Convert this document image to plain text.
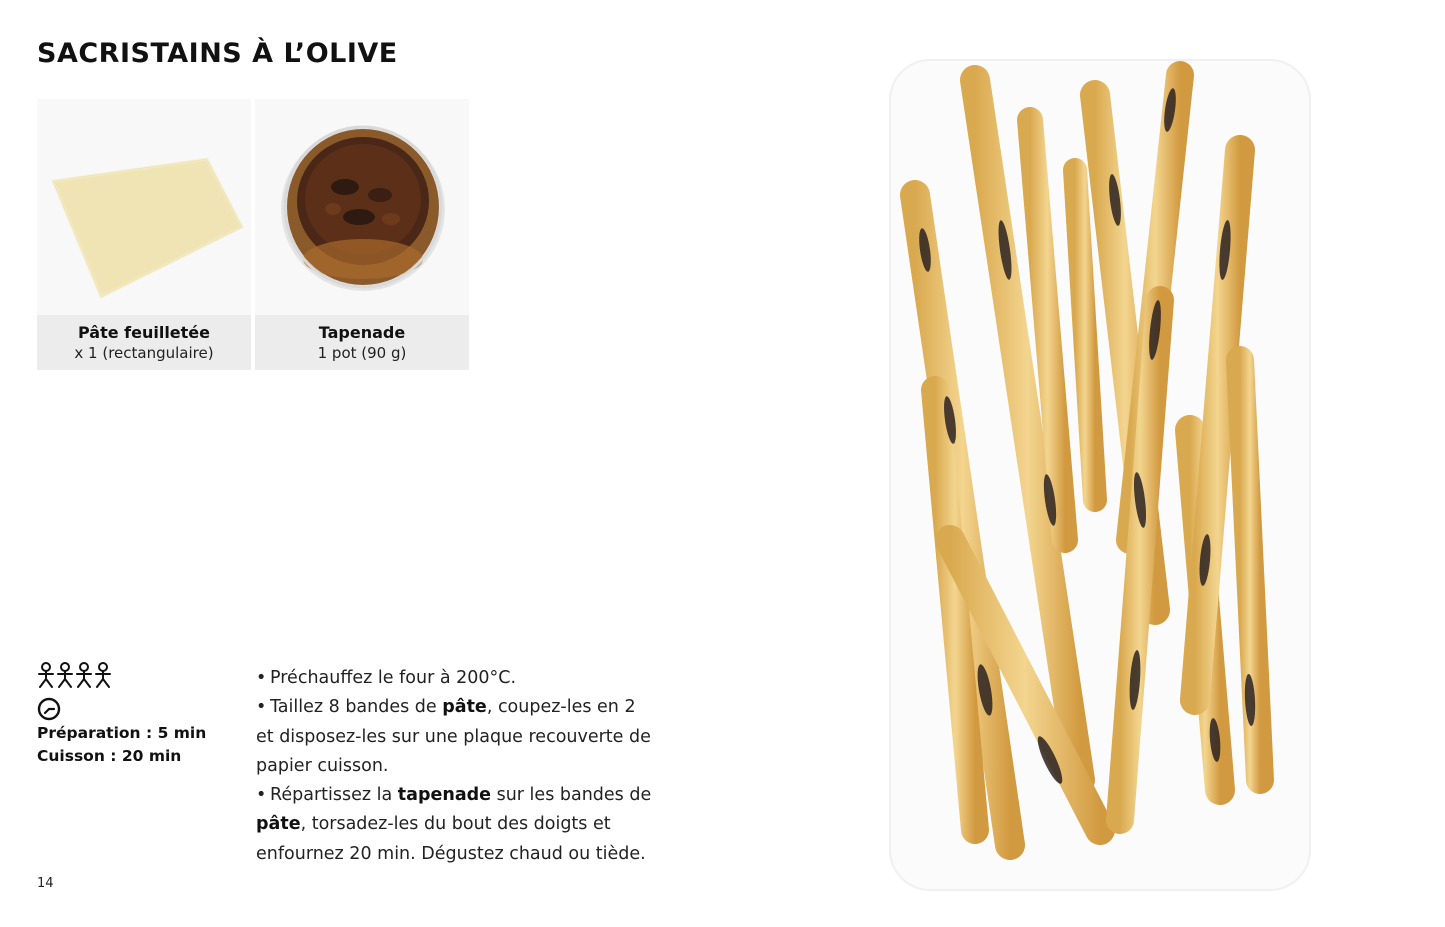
SACRISTAINS À L’OLIVE
Pâte feuilletée
x 1 (rectangulaire)
Tapenade
1 pot (90 g)
Préparation : 5 min
Cuisson : 20 min
• Préchauffez le four à 200°C.
• Taillez 8 bandes de pâte, coupez-les en 2 et disposez-les sur une plaque recouverte de papier cuisson.
• Répartissez la tapenade sur les bandes de pâte, torsadez-les du bout des doigts et enfournez 20 min. Dégustez chaud ou tiède.
14
